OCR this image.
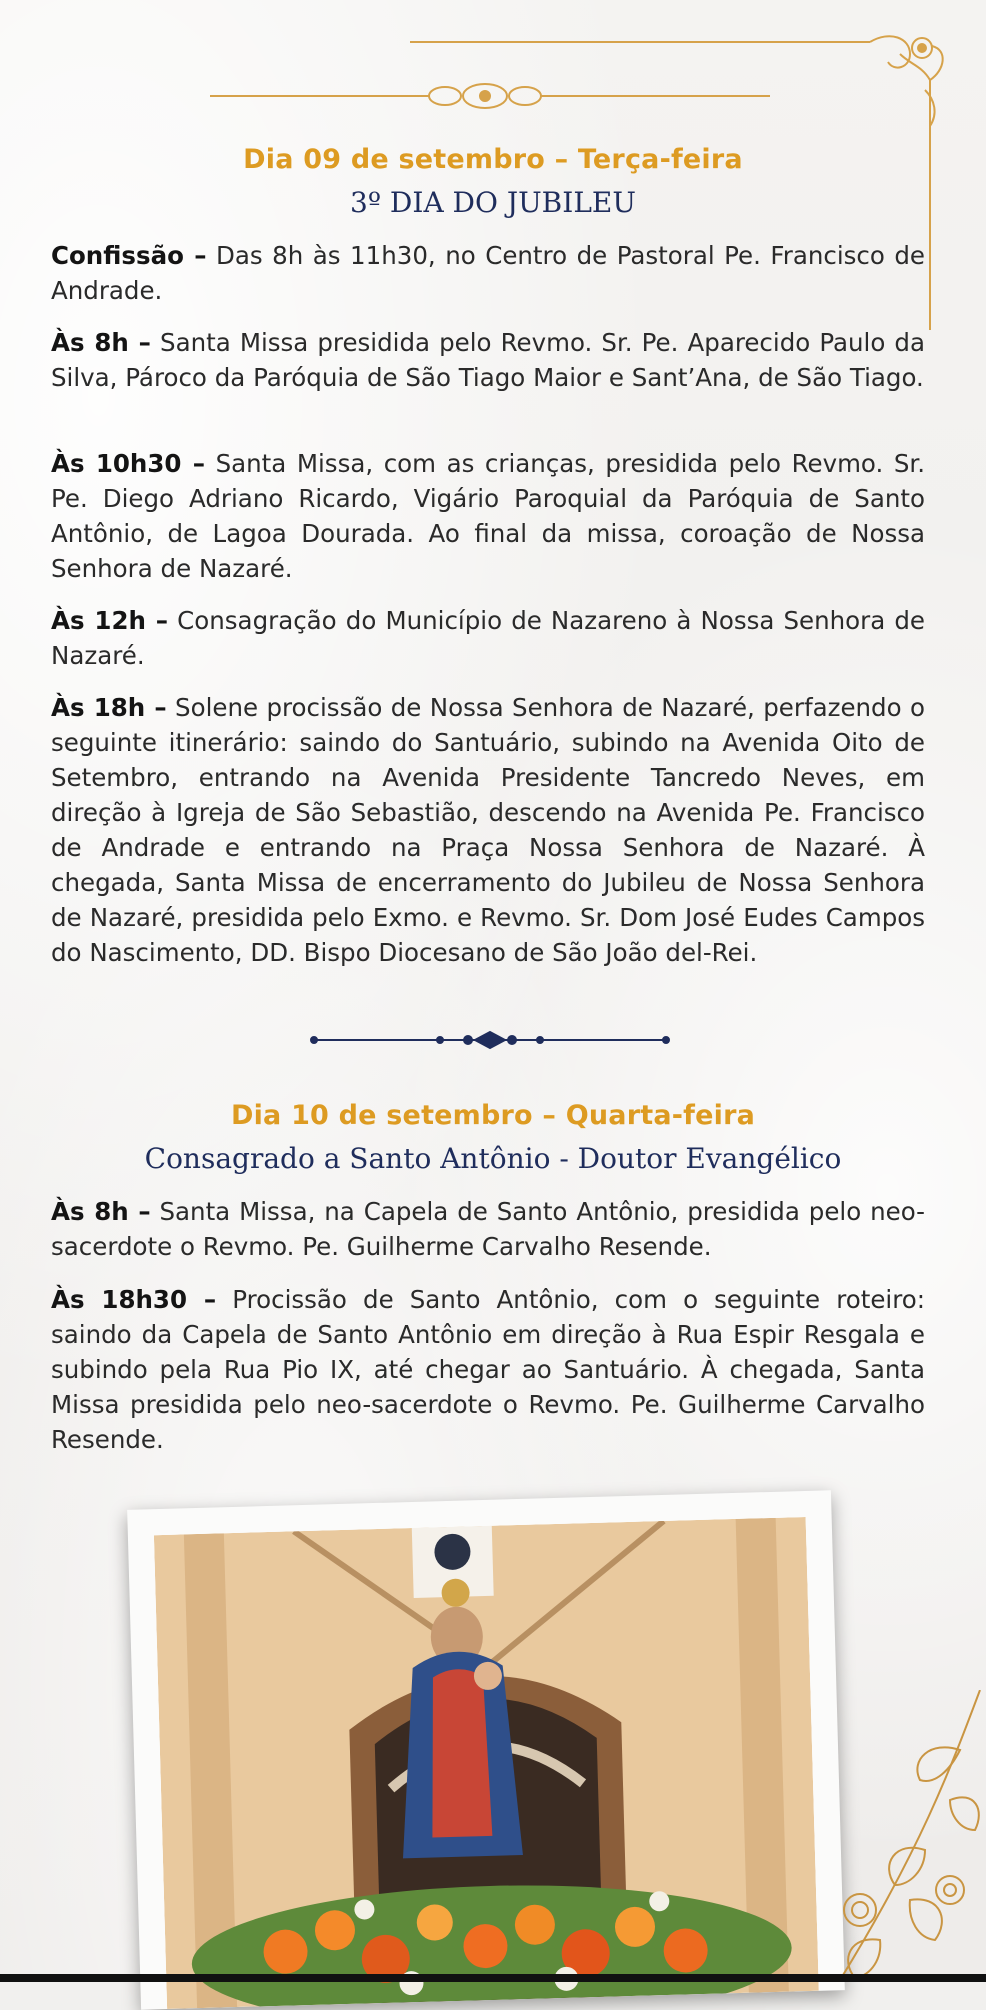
Dia 09 de setembro – Terça-feira
3º DIA DO JUBILEU

Confissão – Das 8h às 11h30, no Centro de Pastoral Pe. Francisco de Andrade.

Às 8h – Santa Missa presidida pelo Revmo. Sr. Pe. Aparecido Paulo da Silva, Pároco da Paróquia de São Tiago Maior e Sant’Ana, de São Tiago.

Às 10h30 – Santa Missa, com as crianças, presidida pelo Revmo. Sr. Pe. Diego Adriano Ricardo, Vigário Paroquial da Paróquia de Santo Antônio, de Lagoa Dourada. Ao final da missa, coroação de Nossa Senhora de Nazaré.

Às 12h – Consagração do Município de Nazareno à Nossa Senhora de Nazaré.

Às 18h – Solene procissão de Nossa Senhora de Nazaré, perfazendo o seguinte itinerário: saindo do Santuário, subindo na Avenida Oito de Setembro, entrando na Avenida Presidente Tancredo Neves, em direção à Igreja de São Sebastião, descendo na Avenida Pe. Francisco de Andrade e entrando na Praça Nossa Senhora de Nazaré. À chegada, Santa Missa de encerramento do Jubileu de Nossa Senhora de Nazaré, presidida pelo Exmo. e Revmo. Sr. Dom José Eudes Campos do Nascimento, DD. Bispo Diocesano de São João del-Rei.

Dia 10 de setembro – Quarta-feira
Consagrado a Santo Antônio - Doutor Evangélico

Às 8h – Santa Missa, na Capela de Santo Antônio, presidida pelo neo-sacerdote o Revmo. Pe. Guilherme Carvalho Resende.

Às 18h30 – Procissão de Santo Antônio, com o seguinte roteiro: saindo da Capela de Santo Antônio em direção à Rua Espir Resgala e subindo pela Rua Pio IX, até chegar ao Santuário. À chegada, Santa Missa presidida pelo neo-sacerdote o Revmo. Pe. Guilherme Carvalho Resende.
